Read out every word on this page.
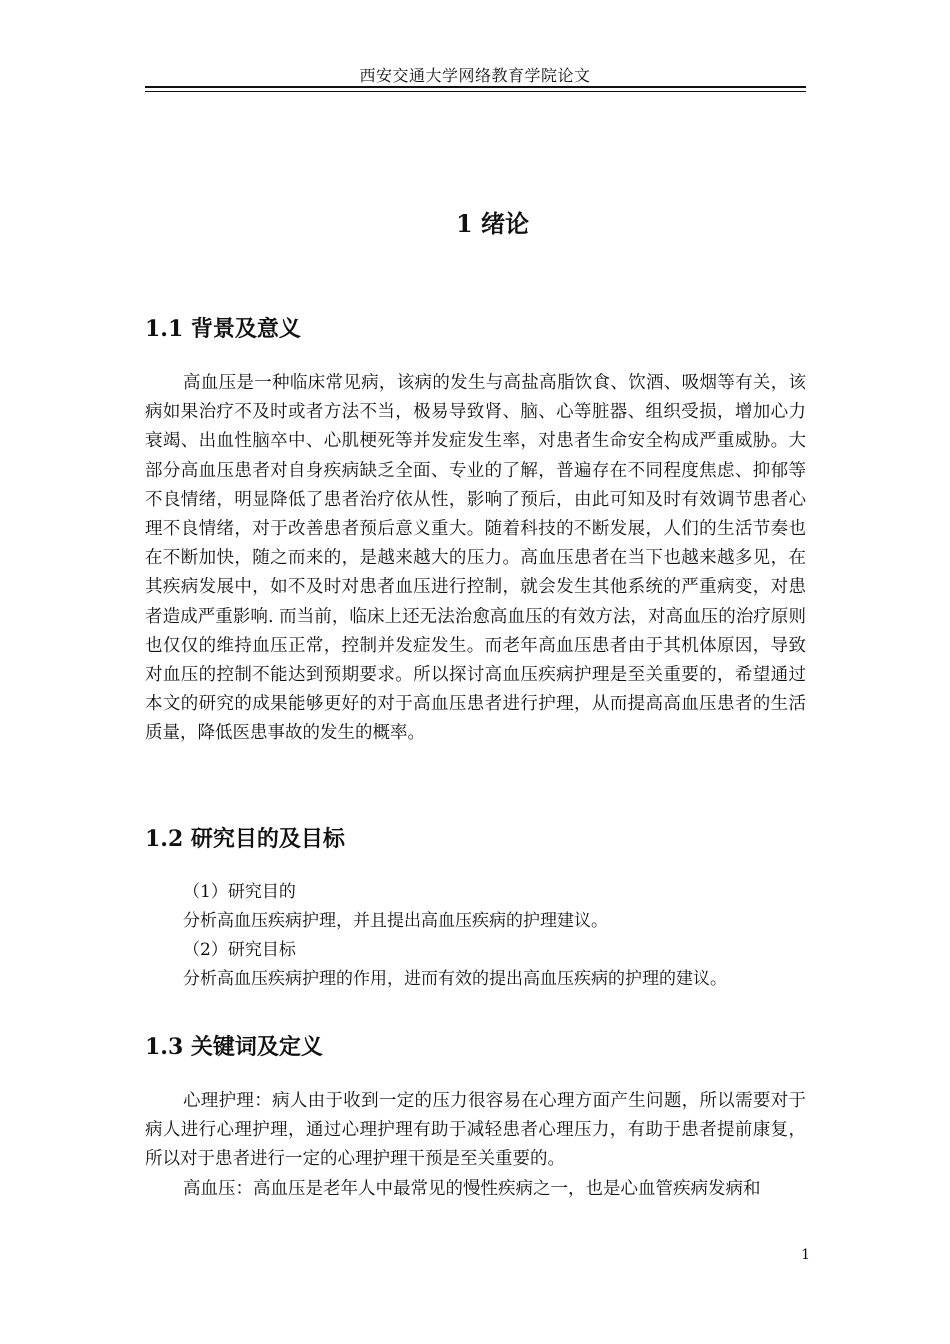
西安交通大学网络教育学院论文
1 绪论
1.1 背景及意义

高血压是一种临床常见病，该病的发生与高盐高脂饮食、饮酒、吸烟等有关，该病如果治疗不及时或者方法不当，极易导致肾、脑、心等脏器、组织受损，增加心力衰竭、出血性脑卒中、心肌梗死等并发症发生率，对患者生命安全构成严重威胁。大部分高血压患者对自身疾病缺乏全面、专业的了解，普遍存在不同程度焦虑、抑郁等不良情绪，明显降低了患者治疗依从性，影响了预后，由此可知及时有效调节患者心理不良情绪，对于改善患者预后意义重大。随着科技的不断发展，人们的生活节奏也在不断加快，随之而来的，是越来越大的压力。高血压患者在当下也越来越多见，在其疾病发展中，如不及时对患者血压进行控制，就会发生其他系统的严重病变，对患者造成严重影响. 而当前，临床上还无法治愈高血压的有效方法，对高血压的治疗原则也仅仅的维持血压正常，控制并发症发生。而老年高血压患者由于其机体原因，导致对血压的控制不能达到预期要求。所以探讨高血压疾病护理是至关重要的，希望通过本文的研究的成果能够更好的对于高血压患者进行护理，从而提高高血压患者的生活质量，降低医患事故的发生的概率。

1.2 研究目的及目标
（1）研究目的
分析高血压疾病护理，并且提出高血压疾病的护理建议。
（2）研究目标
分析高血压疾病护理的作用，进而有效的提出高血压疾病的护理的建议。
1.3 关键词及定义

心理护理：病人由于收到一定的压力很容易在心理方面产生问题，所以需要对于病人进行心理护理，通过心理护理有助于减轻患者心理压力，有助于患者提前康复，所以对于患者进行一定的心理护理干预是至关重要的。

高血压：高血压是老年人中最常见的慢性疾病之一，也是心血管疾病发病和

1
